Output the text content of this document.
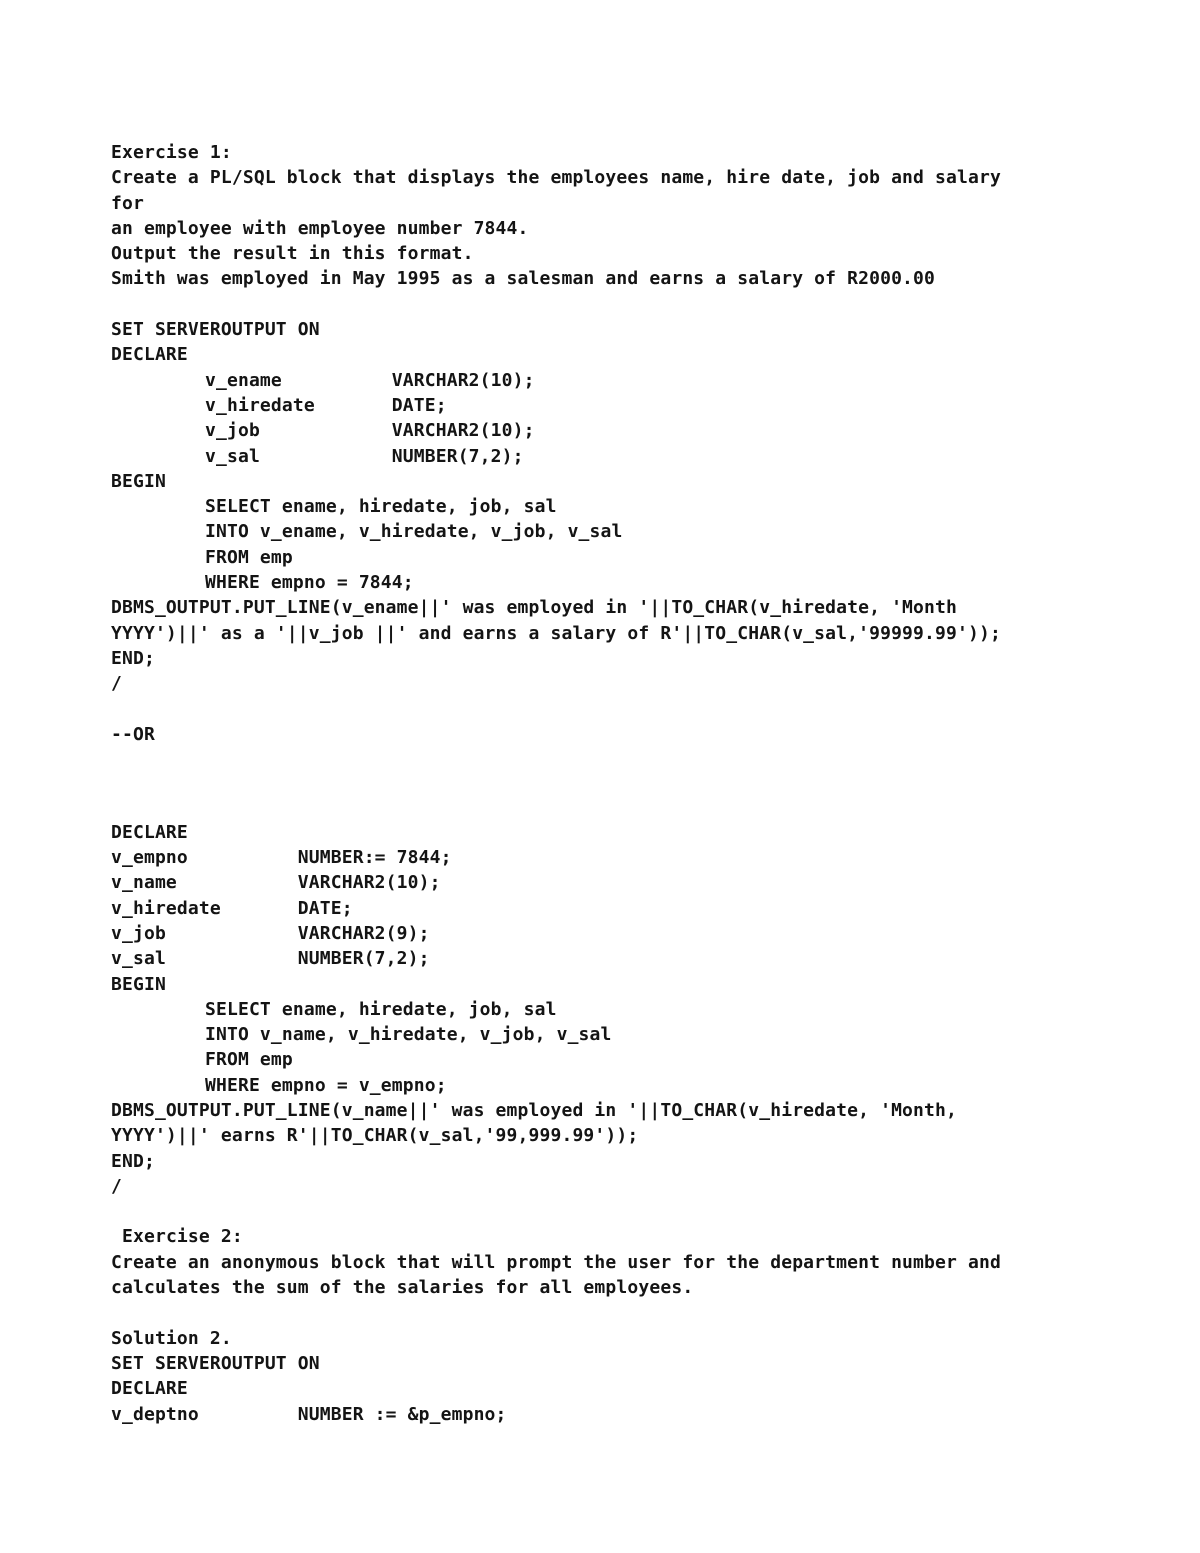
Exercise 1:
Create a PL/SQL block that displays the employees name, hire date, job and salary
for
an employee with employee number 7844.
Output the result in this format.
Smith was employed in May 1995 as a salesman and earns a salary of R2000.00
SET SERVEROUTPUT ON
DECLARE
v_ename          VARCHAR2(10);
v_hiredate       DATE;
v_job            VARCHAR2(10);
v_sal            NUMBER(7,2);
BEGIN
SELECT ename, hiredate, job, sal
INTO v_ename, v_hiredate, v_job, v_sal
FROM emp
WHERE empno = 7844;
DBMS_OUTPUT.PUT_LINE(v_ename||' was employed in '||TO_CHAR(v_hiredate, 'Month
YYYY')||' as a '||v_job ||' and earns a salary of R'||TO_CHAR(v_sal,'99999.99'));
END;
/
--OR
DECLARE
v_empno          NUMBER:= 7844;
v_name           VARCHAR2(10);
v_hiredate       DATE;
v_job            VARCHAR2(9);
v_sal            NUMBER(7,2);
BEGIN
SELECT ename, hiredate, job, sal
INTO v_name, v_hiredate, v_job, v_sal
FROM emp
WHERE empno = v_empno;
DBMS_OUTPUT.PUT_LINE(v_name||' was employed in '||TO_CHAR(v_hiredate, 'Month,
YYYY')||' earns R'||TO_CHAR(v_sal,'99,999.99'));
END;
/
Exercise 2:
Create an anonymous block that will prompt the user for the department number and
calculates the sum of the salaries for all employees.
Solution 2.
SET SERVEROUTPUT ON
DECLARE
v_deptno         NUMBER := &p_empno;
